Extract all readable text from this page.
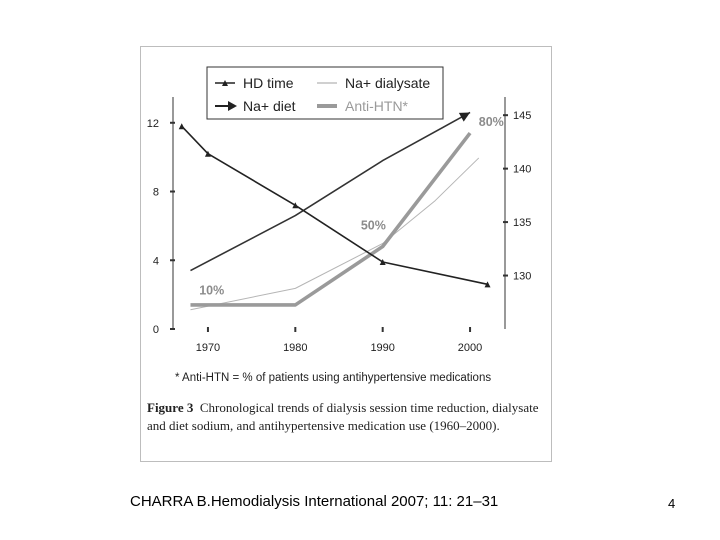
0
4
8
12
130
135
140
145
1970	1980	1990	2000
10%
50%
80%
HD time	Na+ dialysate
Na+ diet	Anti-HTN*
* Anti-HTN = % of patients using antihypertensive medications
Figure 3 Chronological trends of dialysis session time reduction, dialysate and diet sodium, and antihypertensive medication use (1960–2000).
CHARRA B.Hemodialysis International 2007; 11: 21–31	4
